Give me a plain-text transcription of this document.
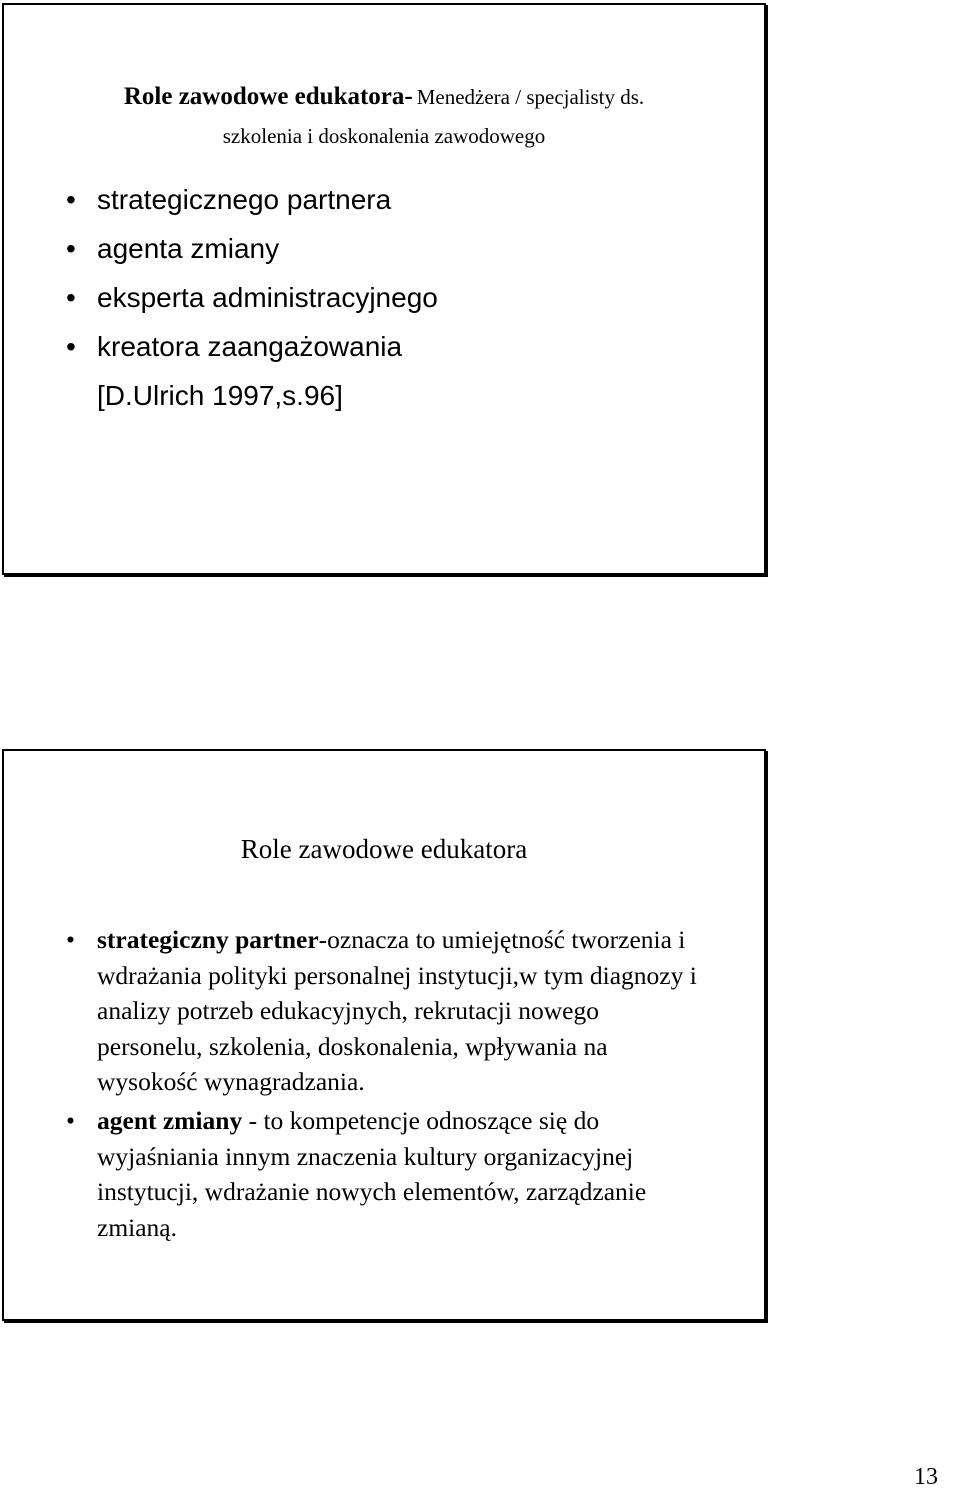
Role zawodowe edukatora- Menedżera / specjalisty ds.
szkolenia i doskonalenia zawodowego
• strategicznego partnera
• agenta zmiany
• eksperta administracyjnego
• kreatora zaangażowania [D.Ulrich 1997,s.96]
Role zawodowe edukatora
• strategiczny partner-oznacza to umiejętność tworzenia i wdrażania polityki personalnej instytucji,w tym diagnozy i analizy potrzeb edukacyjnych, rekrutacji nowego personelu, szkolenia, doskonalenia, wpływania na wysokość wynagradzania.
• agent zmiany - to kompetencje odnoszące się do wyjaśniania innym znaczenia kultury organizacyjnej instytucji, wdrażanie nowych elementów, zarządzanie zmianą.
13
